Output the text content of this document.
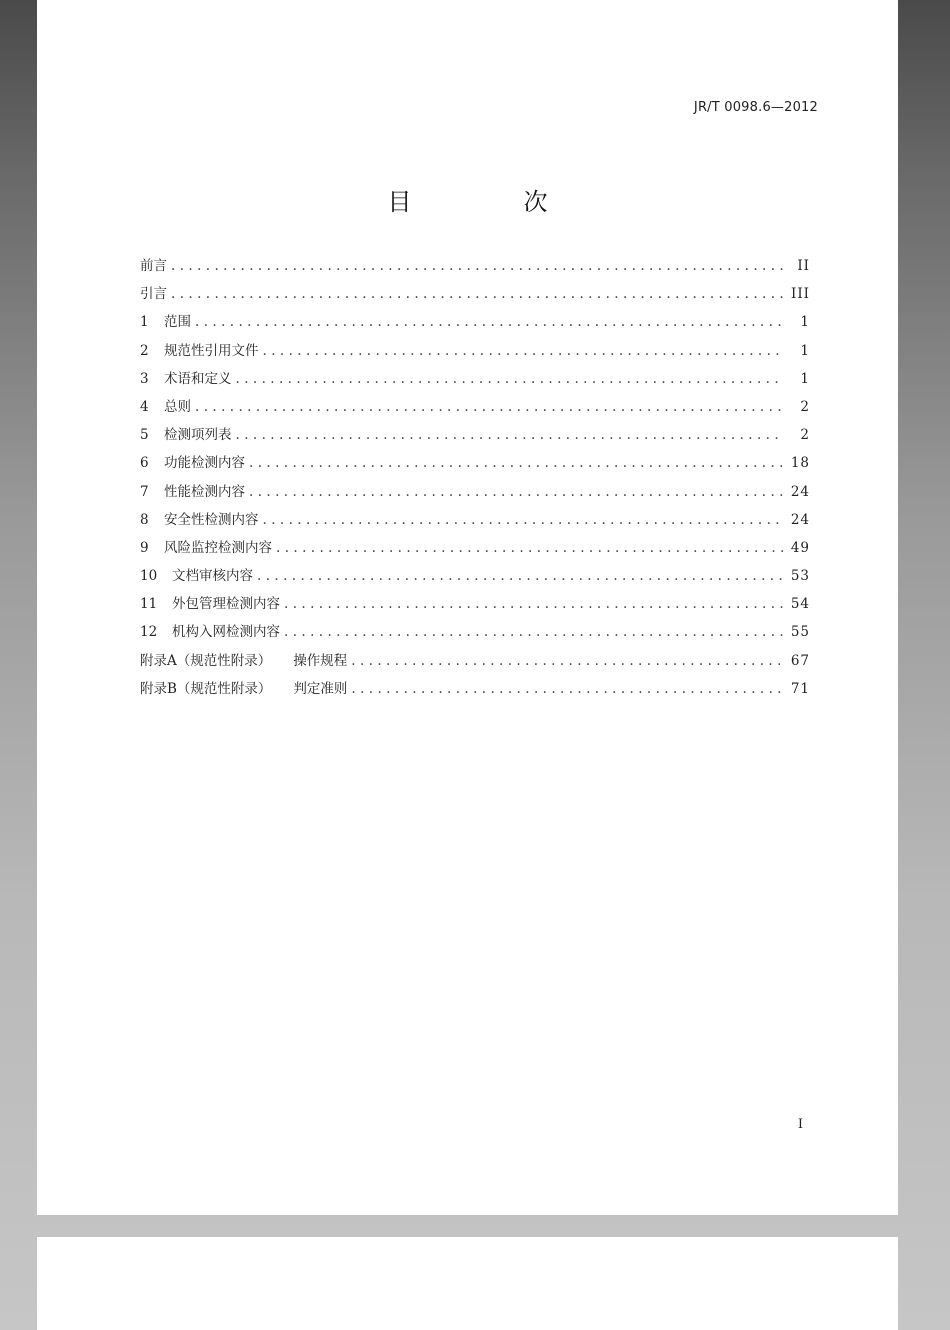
JR/T 0098.6—2012
目　次
前言 .....	II
引言 .....	III
1 范围 .....	1
2 规范性引用文件 .....	1
3 术语和定义 .....	1
4 总则 .....	2
5 检测项列表 .....	2
6 功能检测内容 .....	18
7 性能检测内容 .....	24
8 安全性检测内容 .....	24
9 风险监控检测内容 .....	49
10 文档审核内容 .....	53
11 外包管理检测内容 .....	54
12 机构入网检测内容 .....	55
附录A（规范性附录） 操作规程 .....	67
附录B（规范性附录） 判定准则 .....	71
I
